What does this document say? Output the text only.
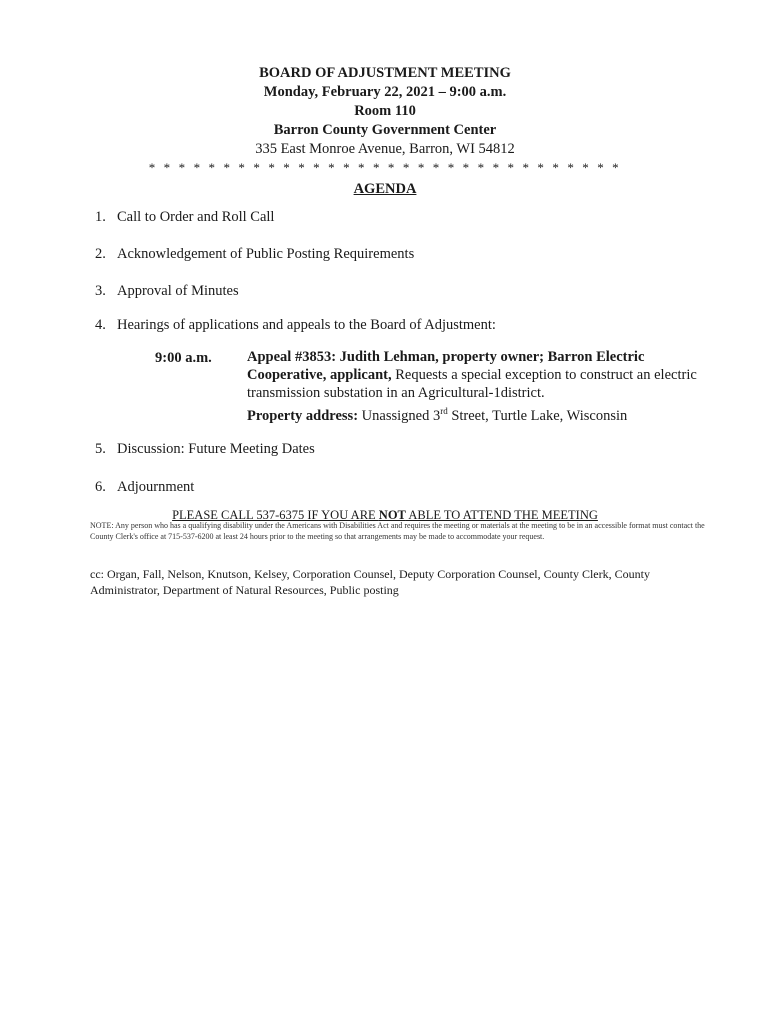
BOARD OF ADJUSTMENT MEETING
Monday, February 22, 2021 – 9:00 a.m.
Room 110
Barron County Government Center
335 East Monroe Avenue, Barron, WI 54812
* * * * * * * * * * * * * * * * * * * * * * * * * * * * * * * *
AGENDA
1. Call to Order and Roll Call
2. Acknowledgement of Public Posting Requirements
3. Approval of Minutes
4. Hearings of applications and appeals to the Board of Adjustment:
9:00 a.m. Appeal #3853: Judith Lehman, property owner; Barron Electric Cooperative, applicant, Requests a special exception to construct an electric transmission substation in an Agricultural-1district.
Property address: Unassigned 3rd Street, Turtle Lake, Wisconsin
5. Discussion: Future Meeting Dates
6. Adjournment
PLEASE CALL 537-6375 IF YOU ARE NOT ABLE TO ATTEND THE MEETING
NOTE: Any person who has a qualifying disability under the Americans with Disabilities Act and requires the meeting or materials at the meeting to be in an accessible format must contact the County Clerk's office at 715-537-6200 at least 24 hours prior to the meeting so that arrangements may be made to accommodate your request.
cc: Organ, Fall, Nelson, Knutson, Kelsey, Corporation Counsel, Deputy Corporation Counsel, County Clerk, County Administrator, Department of Natural Resources, Public posting
